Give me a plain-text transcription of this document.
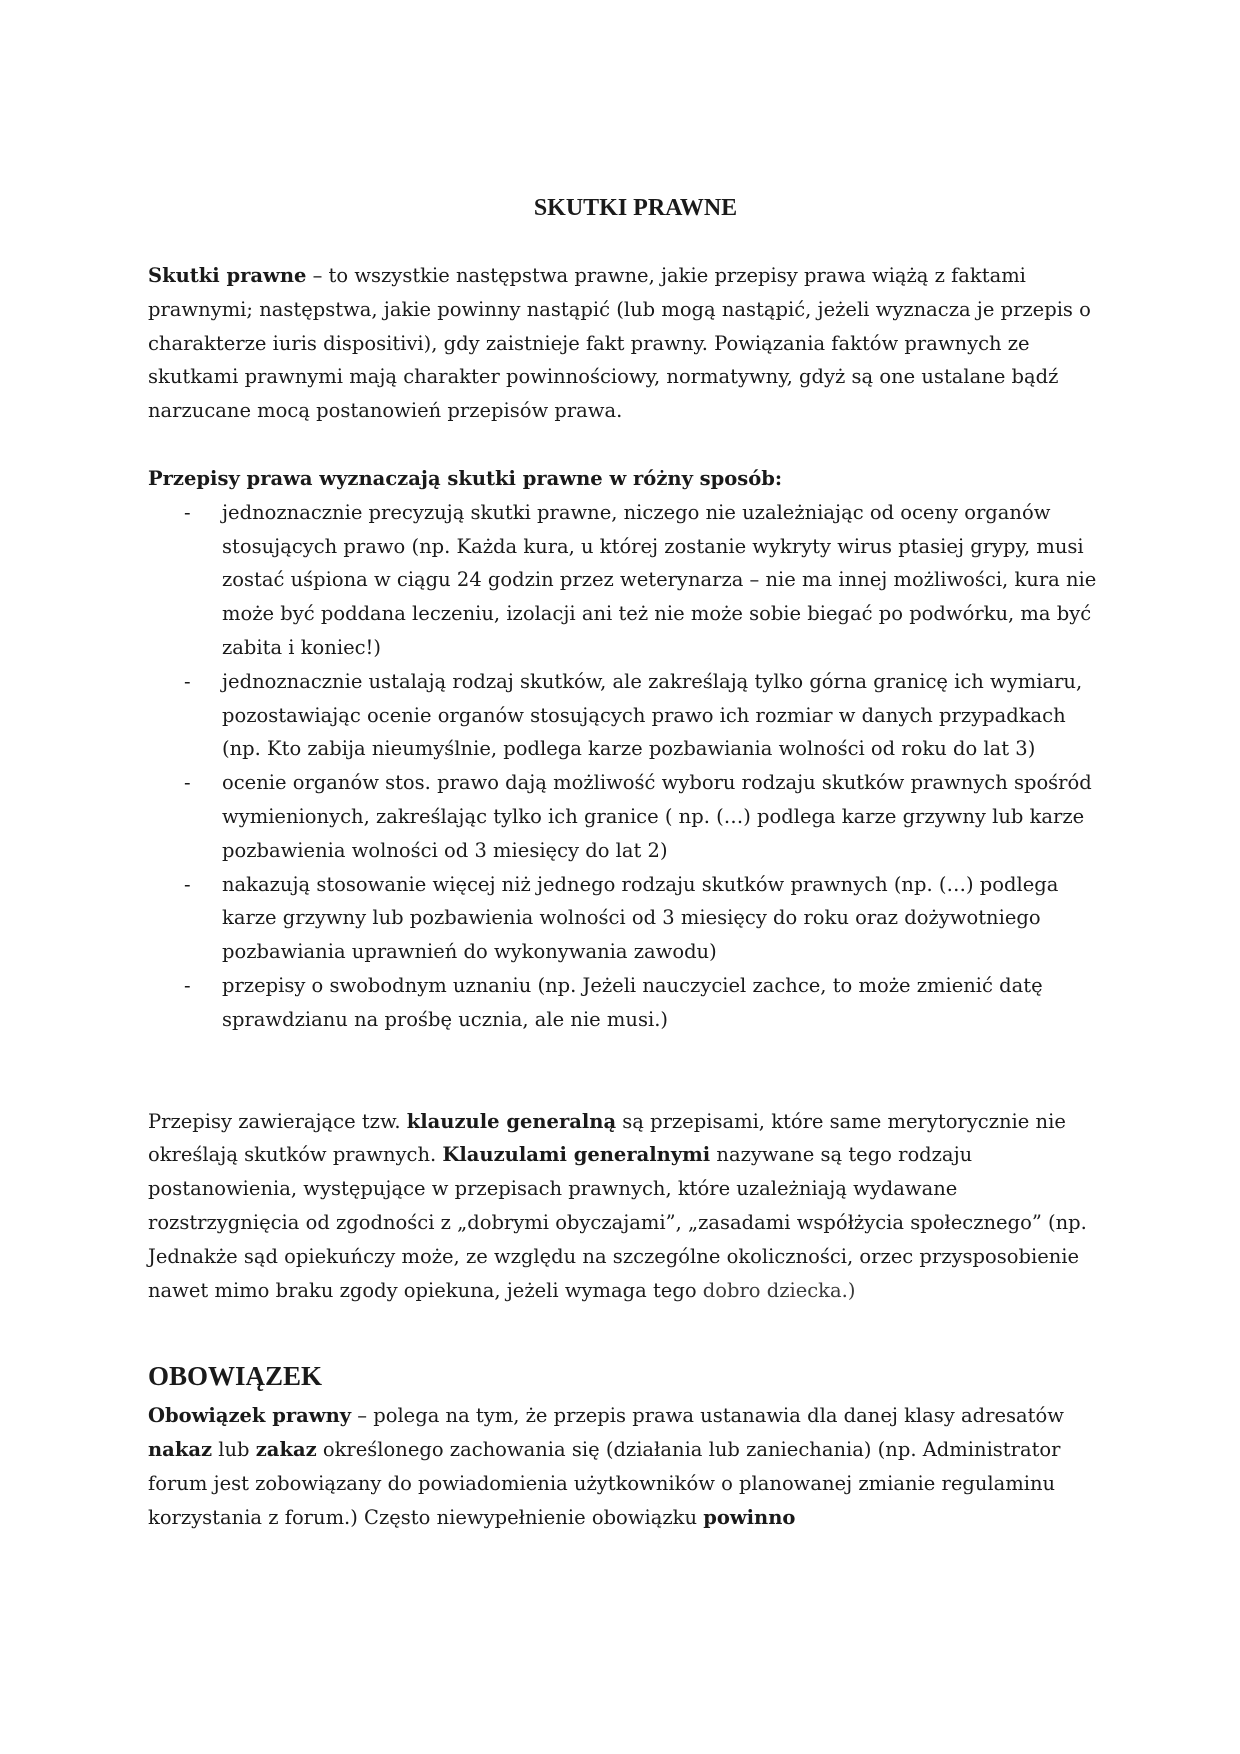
SKUTKI PRAWNE

Skutki prawne – to wszystkie następstwa prawne, jakie przepisy prawa wiążą z faktami prawnymi; następstwa, jakie powinny nastąpić (lub mogą nastąpić, jeżeli wyznacza je przepis o charakterze iuris dispositivi), gdy zaistnieje fakt prawny. Powiązania faktów prawnych ze skutkami prawnymi mają charakter powinnościowy, normatywny, gdyż są one ustalane bądź narzucane mocą postanowień przepisów prawa.

Przepisy prawa wyznaczają skutki prawne w różny sposób:

- jednoznacznie precyzują skutki prawne, niczego nie uzależniając od oceny organów stosujących prawo (np. Każda kura, u której zostanie wykryty wirus ptasiej grypy, musi zostać uśpiona w ciągu 24 godzin przez weterynarza – nie ma innej możliwości, kura nie może być poddana leczeniu, izolacji ani też nie może sobie biegać po podwórku, ma być zabita i koniec!)
- jednoznacznie ustalają rodzaj skutków, ale zakreślają tylko górna granicę ich wymiaru, pozostawiając ocenie organów stosujących prawo ich rozmiar w danych przypadkach (np. Kto zabija nieumyślnie, podlega karze pozbawiania wolności od roku do lat 3)
- ocenie organów stos. prawo dają możliwość wyboru rodzaju skutków prawnych spośród wymienionych, zakreślając tylko ich granice ( np. (…) podlega karze grzywny lub karze pozbawienia wolności od 3 miesięcy do lat 2)
- nakazują stosowanie więcej niż jednego rodzaju skutków prawnych (np. (…) podlega karze grzywny lub pozbawienia wolności od 3 miesięcy do roku oraz dożywotniego pozbawiania uprawnień do wykonywania zawodu)
- przepisy o swobodnym uznaniu (np. Jeżeli nauczyciel zachce, to może zmienić datę sprawdzianu na prośbę ucznia, ale nie musi.)

Przepisy zawierające tzw. klauzule generalną są przepisami, które same merytorycznie nie określają skutków prawnych. Klauzulami generalnymi nazywane są tego rodzaju postanowienia, występujące w przepisach prawnych, które uzależniają wydawane rozstrzygnięcia od zgodności z „dobrymi obyczajami”, „zasadami współżycia społecznego” (np. Jednakże sąd opiekuńczy może, ze względu na szczególne okoliczności, orzec przysposobienie nawet mimo braku zgody opiekuna, jeżeli wymaga tego dobro dziecka.)

OBOWIĄZEK

Obowiązek prawny – polega na tym, że przepis prawa ustanawia dla danej klasy adresatów nakaz lub zakaz określonego zachowania się (działania lub zaniechania) (np. Administrator forum jest zobowiązany do powiadomienia użytkowników o planowanej zmianie regulaminu korzystania z forum.) Często niewypełnienie obowiązku powinno
